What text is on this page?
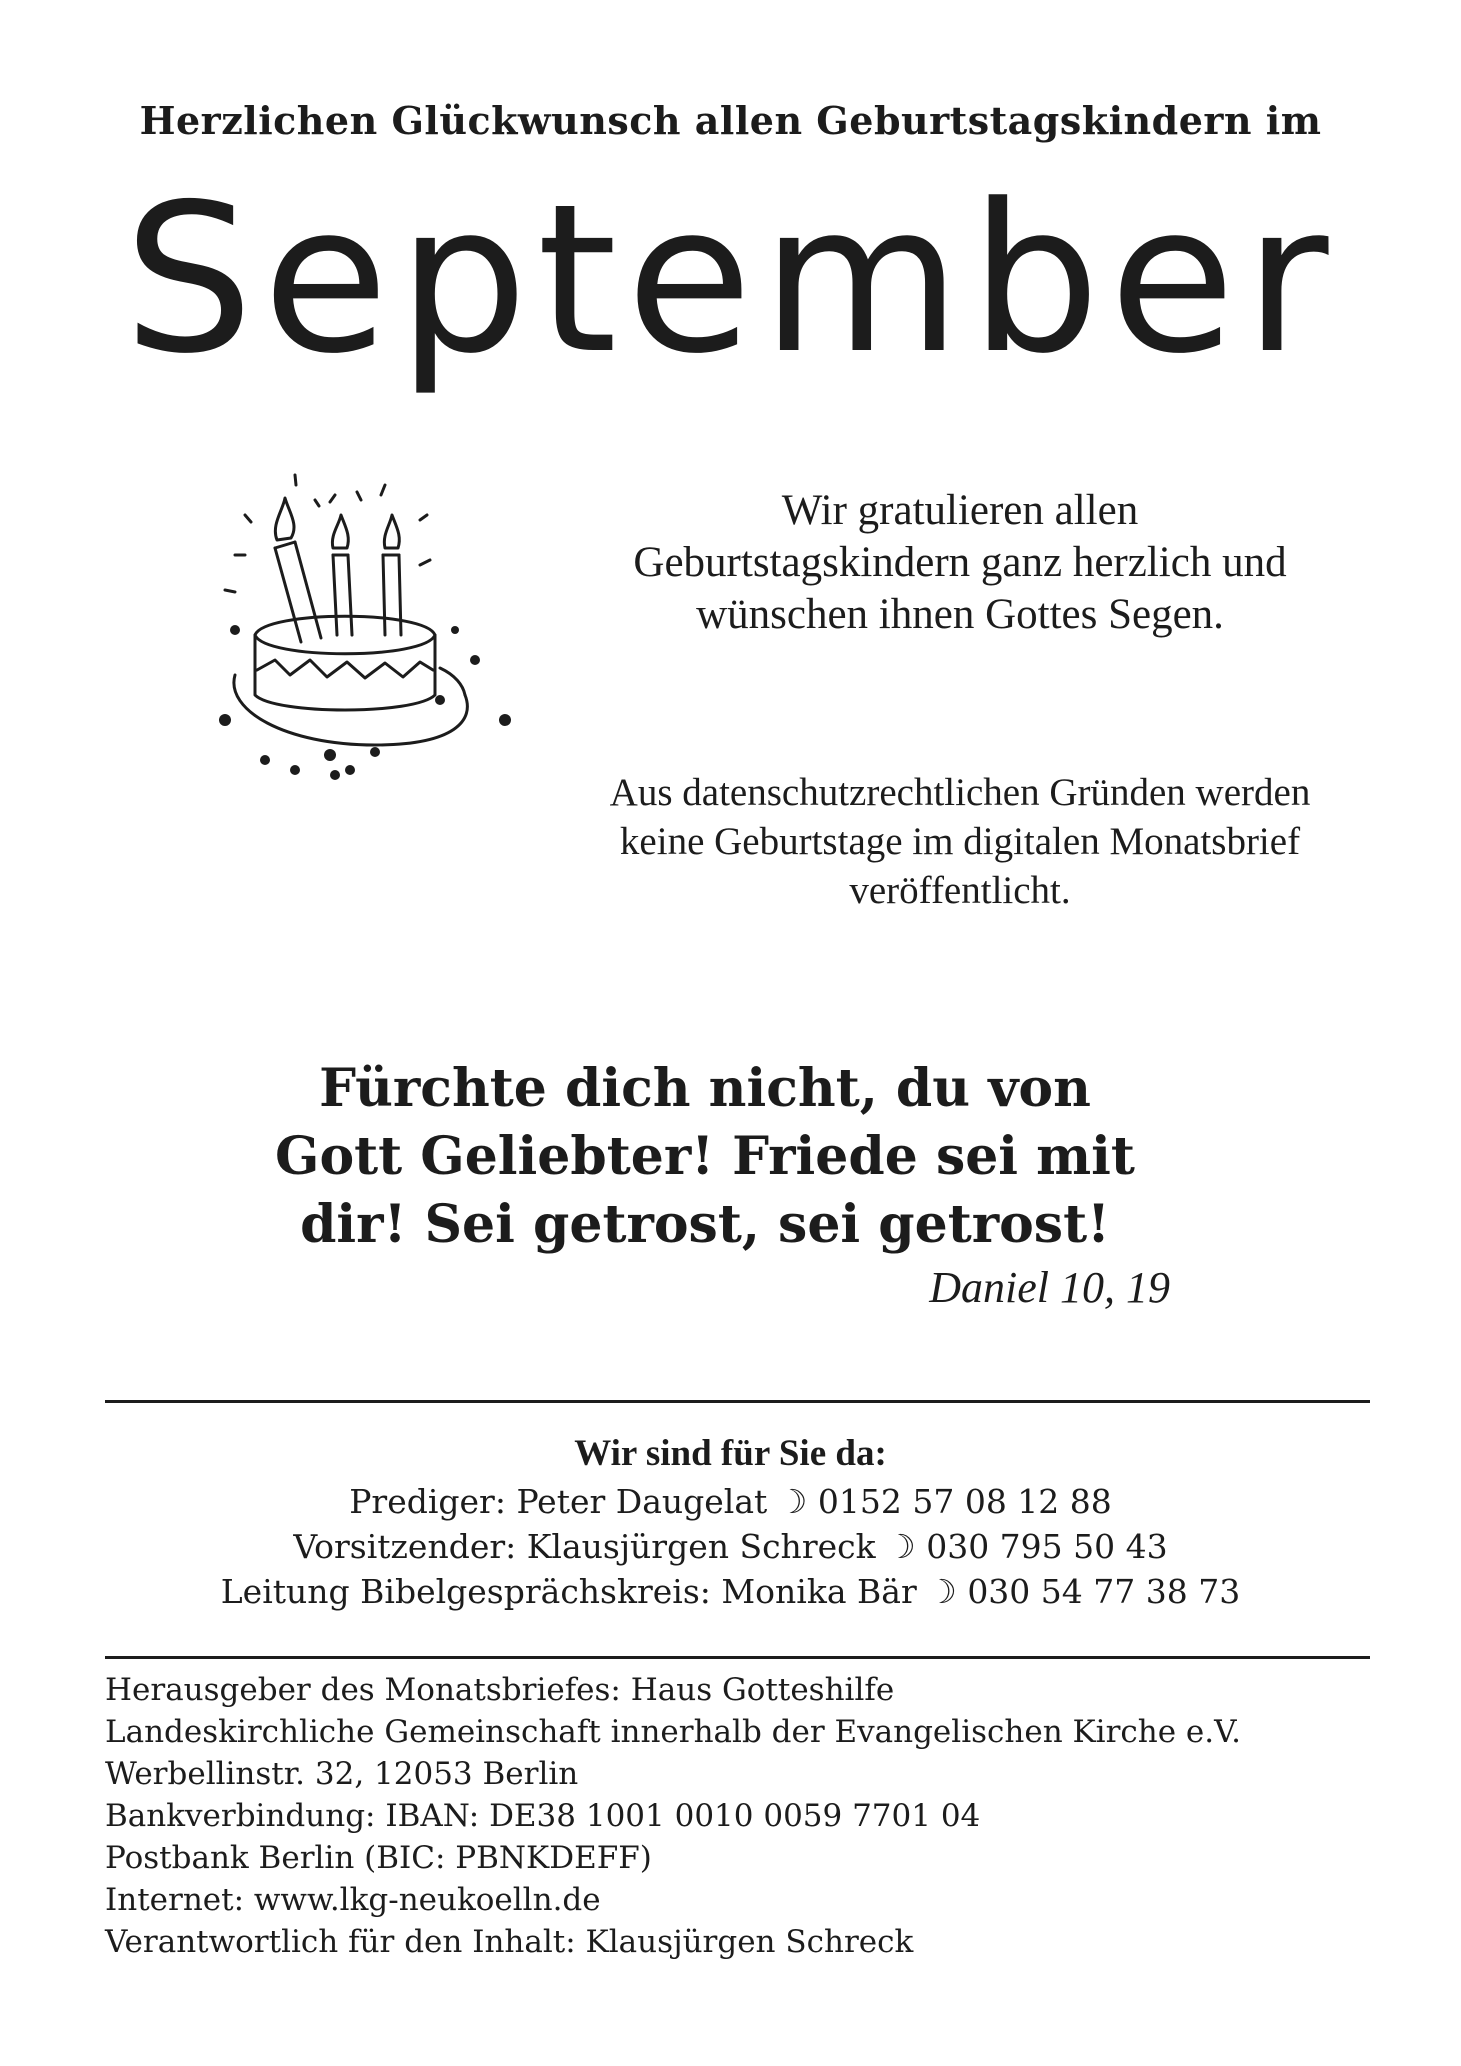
Herzlichen Glückwunsch allen Geburtstagskindern im
September
Wir gratulieren allen
Geburtstagskindern ganz herzlich und
wünschen ihnen Gottes Segen.
Aus datenschutzrechtlichen Gründen werden
keine Geburtstage im digitalen Monatsbrief
veröffentlicht.
Fürchte dich nicht, du von
Gott Geliebter! Friede sei mit
dir! Sei getrost, sei getrost!
Daniel 10, 19
Wir sind für Sie da:
Prediger: Peter Daugelat ☽ 0152 57 08 12 88
Vorsitzender: Klausjürgen Schreck ☽ 030 795 50 43
Leitung Bibelgesprächskreis: Monika Bär ☽ 030 54 77 38 73
Herausgeber des Monatsbriefes: Haus Gotteshilfe
Landeskirchliche Gemeinschaft innerhalb der Evangelischen Kirche e.V.
Werbellinstr. 32, 12053 Berlin
Bankverbindung: IBAN: DE38 1001 0010 0059 7701 04
Postbank Berlin (BIC: PBNKDEFF)
Internet: www.lkg-neukoelln.de
Verantwortlich für den Inhalt: Klausjürgen Schreck
